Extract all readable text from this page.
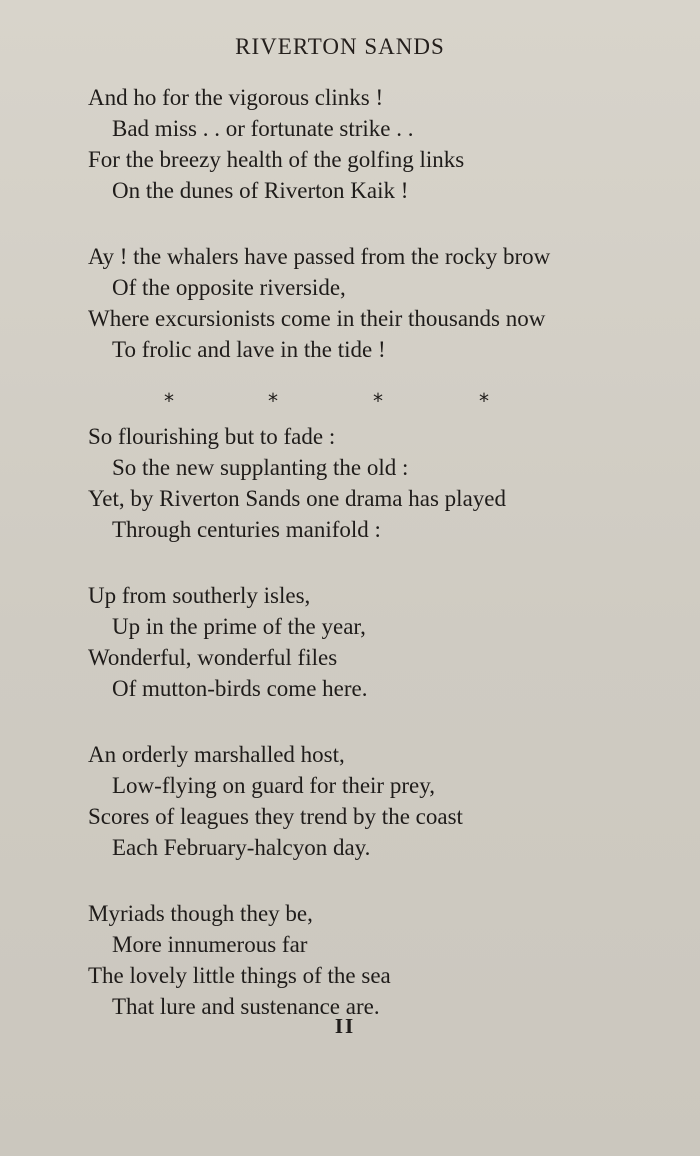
RIVERTON SANDS
And ho for the vigorous clinks !
Bad miss . . or fortunate strike . .
For the breezy health of the golfing links
On the dunes of Riverton Kaik !
Ay ! the whalers have passed from the rocky brow
Of the opposite riverside,
Where excursionists come in their thousands now
To frolic and lave in the tide !
*	*	*	*
So flourishing but to fade :
So the new supplanting the old :
Yet, by Riverton Sands one drama has played
Through centuries manifold :
Up from southerly isles,
Up in the prime of the year,
Wonderful, wonderful files
Of mutton-birds come here.
An orderly marshalled host,
Low-flying on guard for their prey,
Scores of leagues they trend by the coast
Each February-halcyon day.
Myriads though they be,
More innumerous far
The lovely little things of the sea
That lure and sustenance are.
II
